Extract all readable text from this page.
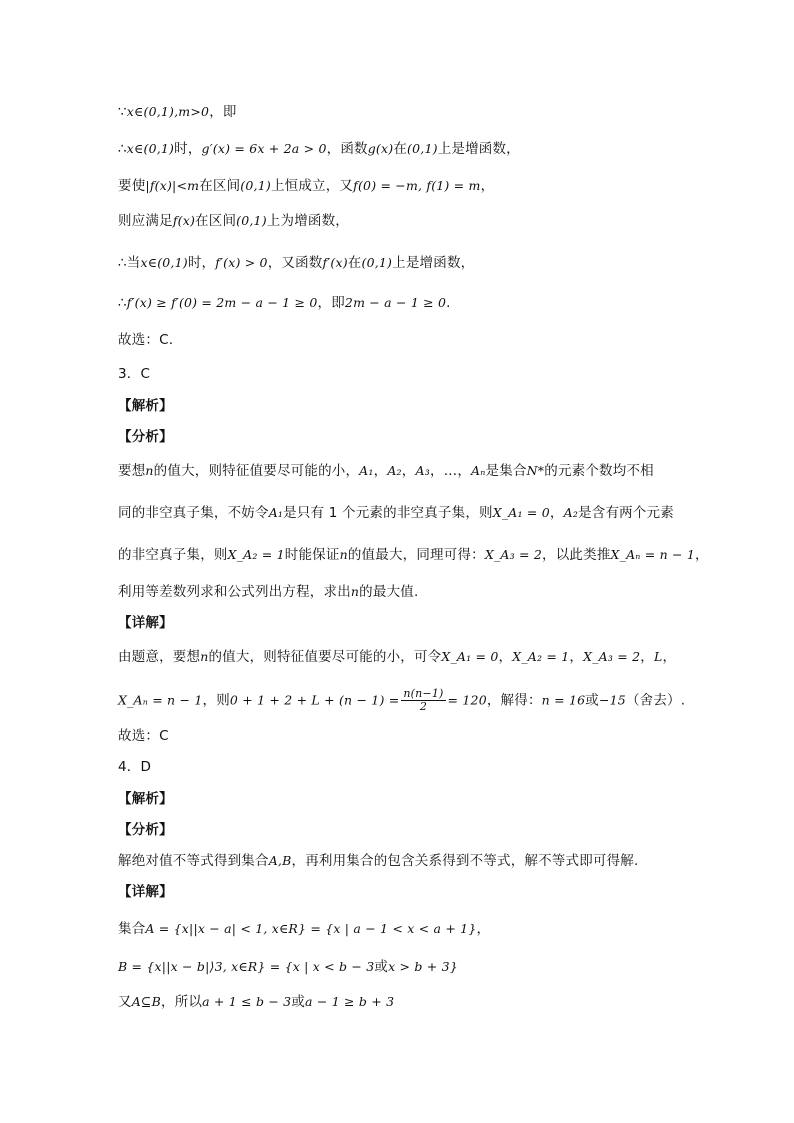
∵x∈(0,1),m>0，即
∴x∈(0,1)时，g′(x) = 6x + 2a > 0，函数g(x)在(0,1)上是增函数，
要使|f(x)|<m在区间(0,1)上恒成立，又f(0) = −m, f(1) = m，
则应满足f(x)在区间(0,1)上为增函数，
∴当x∈(0,1)时，f′(x) > 0，又函数f′(x)在(0,1)上是增函数，
∴f′(x) ≥ f′(0) = 2m − a − 1 ≥ 0，即2m − a − 1 ≥ 0.
故选：C.
3．C
【解析】
【分析】
要想n的值大，则特征值要尽可能的小，A₁，A₂，A₃，…，Aₙ是集合N*的元素个数均不相
同的非空真子集，不妨令A₁是只有 1 个元素的非空真子集，则X_A₁ = 0，A₂是含有两个元素
的非空真子集，则X_A₂ = 1时能保证n的值最大，同理可得：X_A₃ = 2，以此类推X_Aₙ = n − 1，
利用等差数列求和公式列出方程，求出n的最大值.
【详解】
由题意，要想n的值大，则特征值要尽可能的小，可令X_A₁ = 0，X_A₂ = 1，X_A₃ = 2，L，
X_Aₙ = n − 1，则$0 + 1 + 2 + L + (n - 1) = \frac{n(n-1)}{2} = 120$，解得：n = 16或−15（舍去）.
故选：C
4．D
【解析】
【分析】
解绝对值不等式得到集合A,B，再利用集合的包含关系得到不等式，解不等式即可得解.
【详解】
集合A = {x||x − a| < 1, x∈R} = {x | a − 1 < x < a + 1}，
B = {x||x − b|⟩3, x∈R} = {x | x < b − 3或x > b + 3}
又A⊆B，所以a + 1 ≤ b − 3或a − 1 ≥ b + 3
